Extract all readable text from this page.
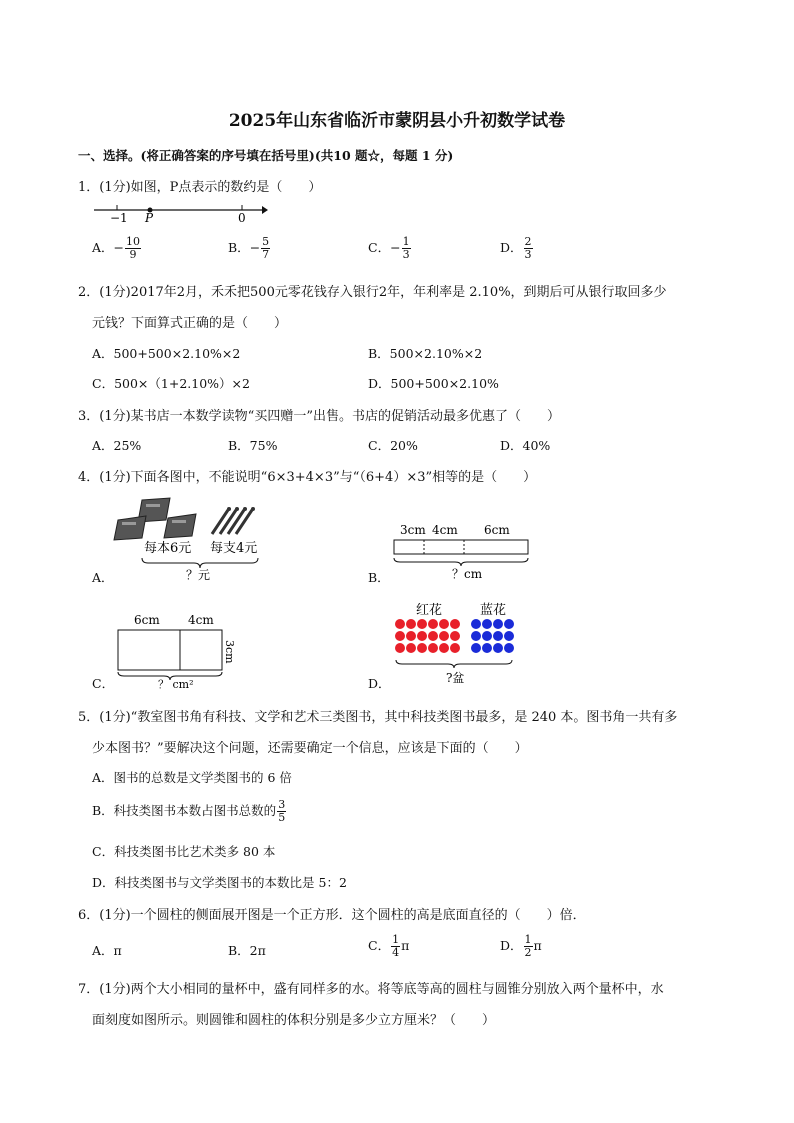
2025年山东省临沂市蒙阴县小升初数学试卷
一、选择。(将正确答案的序号填在括号里)(共10 题☆，每题 1 分)
1．(1分)如图，P点表示的数约是（　　）
−1 P	0
A．− $\frac{10}{9}$	B．− $\frac{5}{7}$	C．− $\frac{1}{3}$	D． $\frac{2}{3}$
2．(1分)2017年2月，禾禾把500元零花钱存入银行2年，年利率是 2.10%，到期后可从银行取回多少
元钱？下面算式正确的是（　　）
A．500+500×2.10%×2	B．500×2.10%×2
C．500×（1+2.10%）×2	D．500+500×2.10%
3．(1分)某书店一本数学读物“买四赠一”出售。书店的促销活动最多优惠了（　　）
A．25%	B．75%	C．20%	D．40%
4．(1分)下面各图中，不能说明“6×3+4×3”与“（6+4）×3”相等的是（　　）
每本6元 每支4元
？元
A．
3cm 4cm 6cm
？cm
B．
6cm 4cm
3cm
？ cm²
C．
红花	蓝花
?盆
D．
5．(1分)“教室图书角有科技、文学和艺术三类图书，其中科技类图书最多，是 240 本。图书角一共有多
少本图书？”要解决这个问题，还需要确定一个信息，应该是下面的（　　）
A．图书的总数是文学类图书的 6 倍
B．科技类图书本数占图书总数的 $\frac{3}{5}$
C．科技类图书比艺术类多 80 本
D．科技类图书与文学类图书的本数比是 5：2
6．(1分)一个圆柱的侧面展开图是一个正方形．这个圆柱的高是底面直径的（　　）倍．
A．π	B．2π	C． $\frac{1}{4}$ π	D． $\frac{1}{2}$ π
7．(1分)两个大小相同的量杯中，盛有同样多的水。将等底等高的圆柱与圆锥分别放入两个量杯中，水
面刻度如图所示。则圆锥和圆柱的体积分别是多少立方厘米？（　　）
